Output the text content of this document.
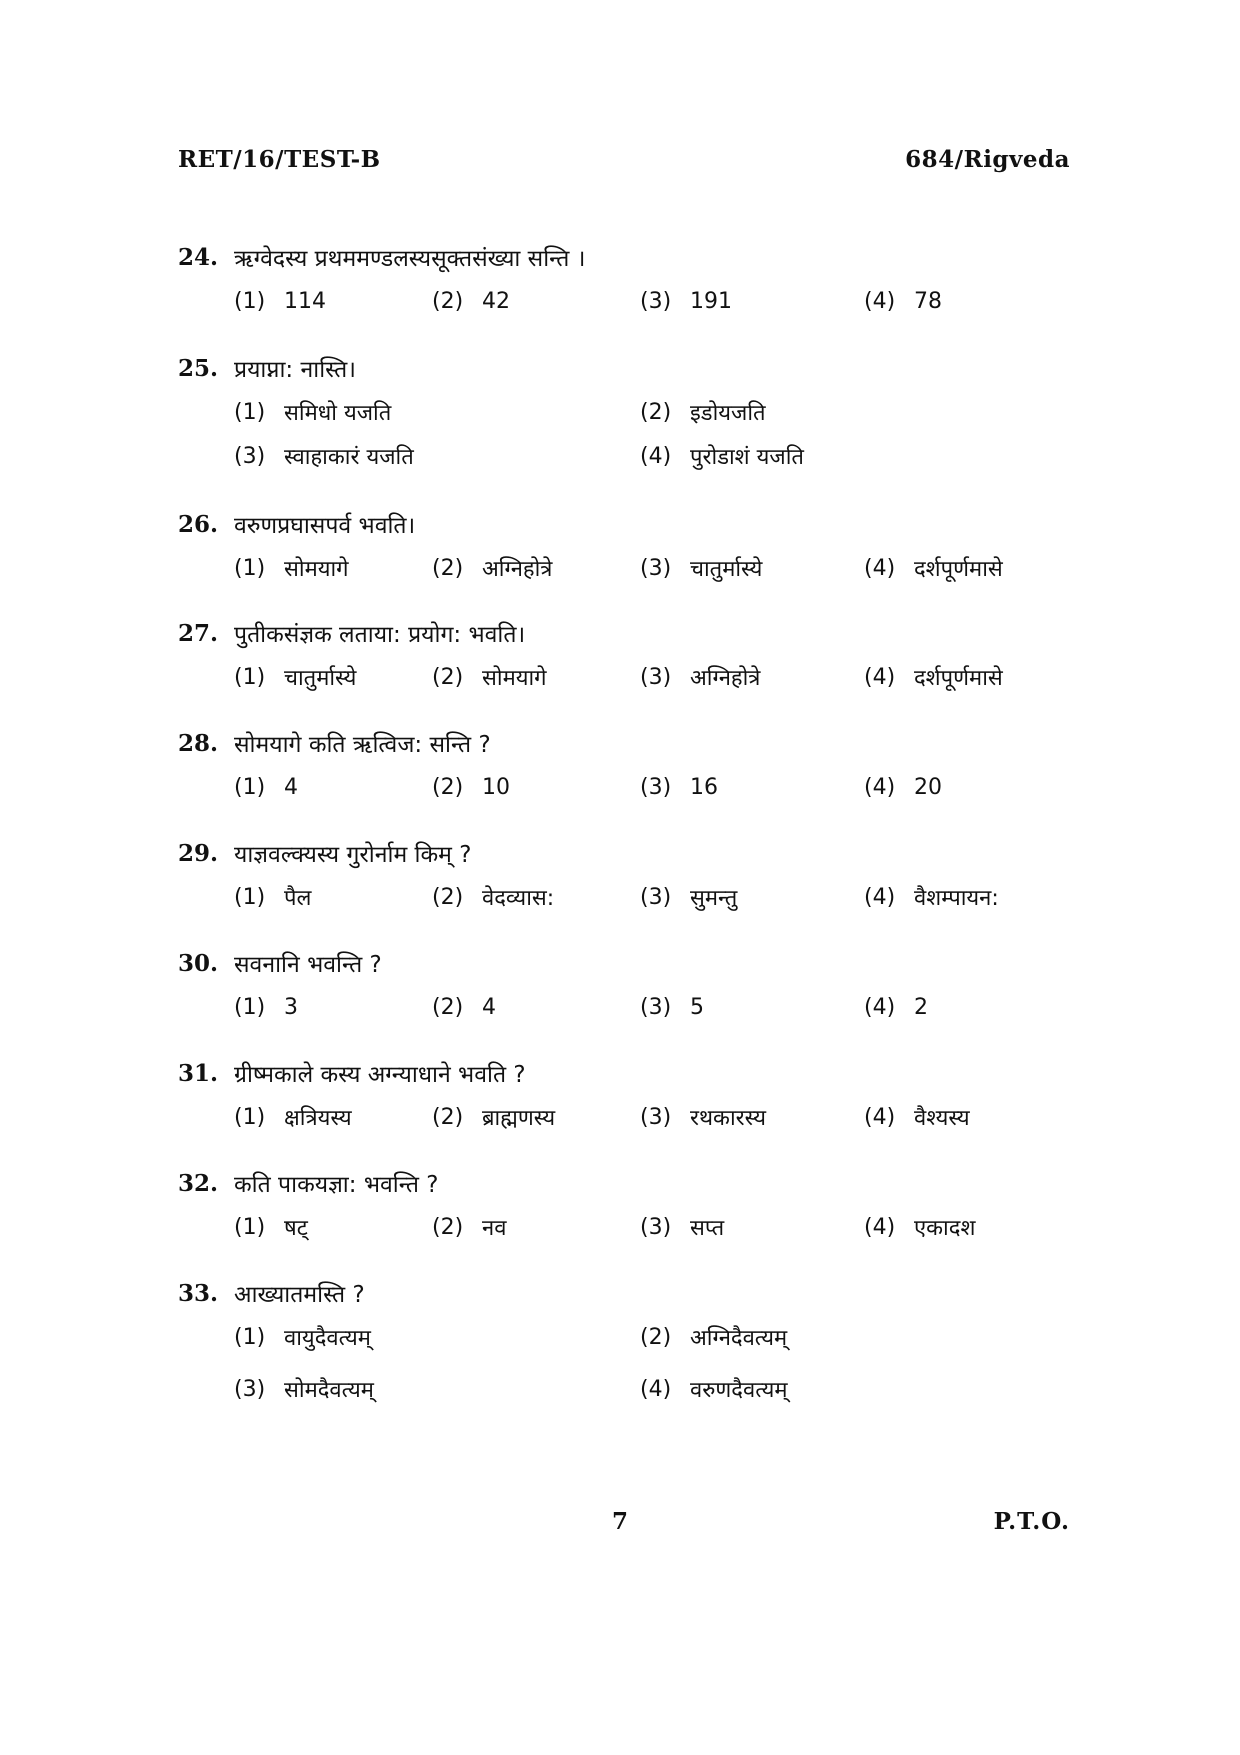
RET/16/TEST-B	684/Rigveda
24. ऋग्वेदस्य प्रथममण्डलस्यसूक्तसंख्या सन्ति ।
(1) 114	(2) 42	(3) 191	(4) 78
25. प्रयाप्ना: नास्ति।
(1) समिधो यजति	(2) इडोयजति
(3) स्वाहाकारं यजति	(4) पुरोडाशं यजति
26. वरुणप्रघासपर्व भवति।
(1) सोमयागे	(2) अग्निहोत्रे	(3) चातुर्मास्ये	(4) दर्शपूर्णमासे
27. पुतीकसंज्ञक लताया: प्रयोग: भवति।
(1) चातुर्मास्ये	(2) सोमयागे	(3) अग्निहोत्रे	(4) दर्शपूर्णमासे
28. सोमयागे कति ऋत्विज: सन्ति ?
(1) 4	(2) 10	(3) 16	(4) 20
29. याज्ञवल्क्यस्य गुरोर्नाम किम् ?
(1) पैल	(2) वेदव्यास:	(3) सुमन्तु	(4) वैशम्पायन:
30. सवनानि भवन्ति ?
(1) 3	(2) 4	(3) 5	(4) 2
31. ग्रीष्मकाले कस्य अग्न्याधाने भवति ?
(1) क्षत्रियस्य	(2) ब्राह्मणस्य	(3) रथकारस्य	(4) वैश्यस्य
32. कति पाकयज्ञा: भवन्ति ?
(1) षट्	(2) नव	(3) सप्त	(4) एकादश
33. आख्यातमस्ति ?
(1) वायुदैवत्यम्	(2) अग्निदैवत्यम्
(3) सोमदैवत्यम्	(4) वरुणदैवत्यम्
7	P.T.O.
